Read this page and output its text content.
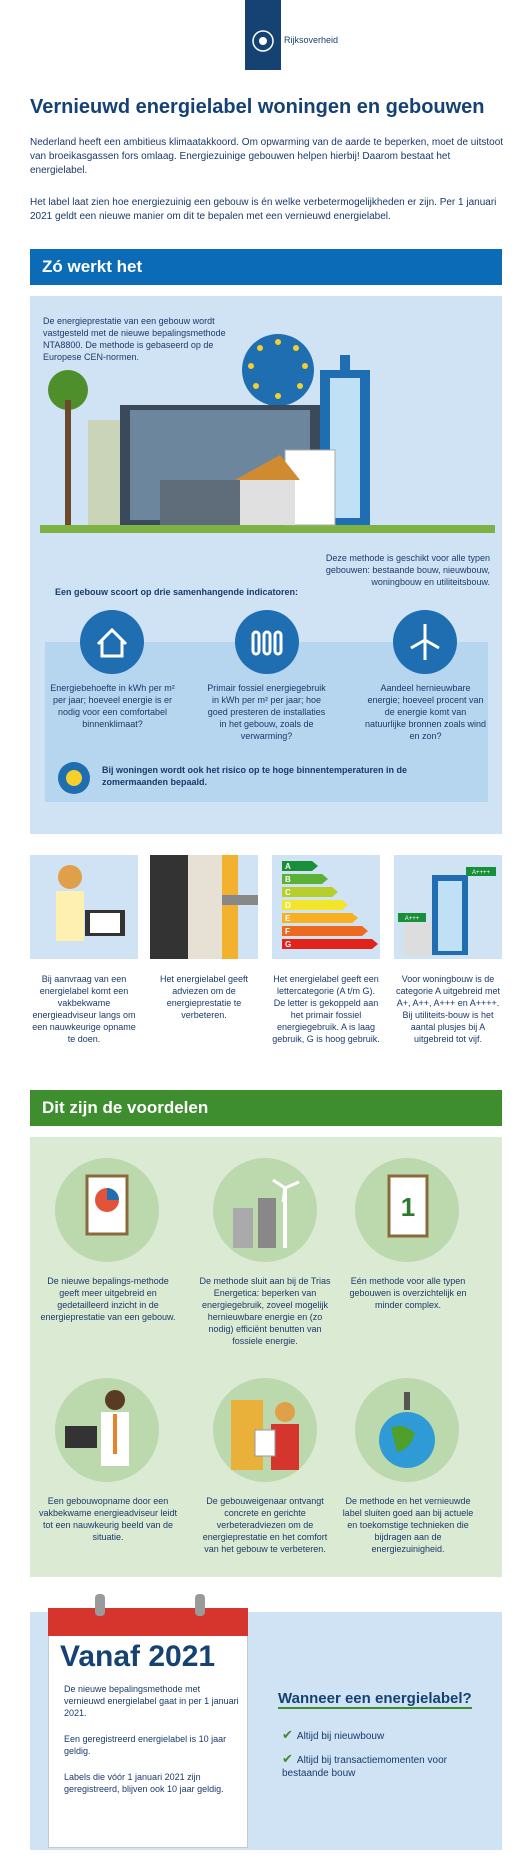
Rijksoverheid
Vernieuwd energielabel woningen en gebouwen
Nederland heeft een ambitieus klimaatakkoord. Om opwarming van de aarde te beperken, moet de uitstoot van broeikasgassen fors omlaag. Energiezuinige gebouwen helpen hierbij! Daarom bestaat het energielabel.
Het label laat zien hoe energiezuinig een gebouw is én welke verbetermogelijkheden er zijn. Per 1 januari 2021 geldt een nieuwe manier om dit te bepalen met een vernieuwd energielabel.
Zó werkt het
De energieprestatie van een gebouw wordt vastgesteld met de nieuwe bepalingsmethode NTA8800. De methode is gebaseerd op de Europese CEN-normen.
Deze methode is geschikt voor alle typen gebouwen: bestaande bouw, nieuwbouw, woningbouw en utiliteitsbouw.
Een gebouw scoort op drie samenhangende indicatoren:
Energiebehoefte in kWh per m² per jaar; hoeveel energie is er nodig voor een comfortabel binnenklimaat?
Primair fossiel energiegebruik in kWh per m² per jaar; hoe goed presteren de installaties in het gebouw, zoals de verwarming?
Aandeel hernieuwbare energie; hoeveel procent van de energie komt van natuurlijke bronnen zoals wind en zon?
Bij woningen wordt ook het risico op te hoge binnentemperaturen in de zomermaanden bepaald.
A
B
C
D
E
F
G
A++++
A+++
Bij aanvraag van een energielabel komt een vakbekwame energieadviseur langs om een nauwkeurige opname te doen.
Het energielabel geeft adviezen om de energieprestatie te verbeteren.
Het energielabel geeft een lettercategorie (A t/m G). De letter is gekoppeld aan het primair fossiel energiegebruik. A is laag gebruik, G is hoog gebruik.
Voor woningbouw is de categorie A uitgebreid met A+, A++, A+++ en A++++. Bij utiliteits-bouw is het aantal plusjes bij A uitgebreid tot vijf.
Dit zijn de voordelen
1
De nieuwe bepalings-methode geeft meer uitgebreid en gedetailleerd inzicht in de energieprestatie van een gebouw.
De methode sluit aan bij de Trias Energetica: beperken van energiegebruik, zoveel mogelijk hernieuwbare energie en (zo nodig) efficiënt benutten van fossiele energie.
Eén methode voor alle typen gebouwen is overzichtelijk en minder complex.
Een gebouwopname door een vakbekwame energieadviseur leidt tot een nauwkeurig beeld van de situatie.
De gebouweigenaar ontvangt concrete en gerichte verbeteradviezen om de energieprestatie en het comfort van het gebouw te verbeteren.
De methode en het vernieuwde label sluiten goed aan bij actuele en toekomstige technieken die bijdragen aan de energiezuinigheid.
Vanaf 2021
De nieuwe bepalingsmethode met vernieuwd energielabel gaat in per 1 januari 2021.
Een geregistreerd energielabel is 10 jaar geldig.
Labels die vóór 1 januari 2021 zijn geregistreerd, blijven ook 10 jaar geldig.
Wanneer een energielabel?
✔ Altijd bij nieuwbouw
✔ Altijd bij transactiemomenten voor bestaande bouw
